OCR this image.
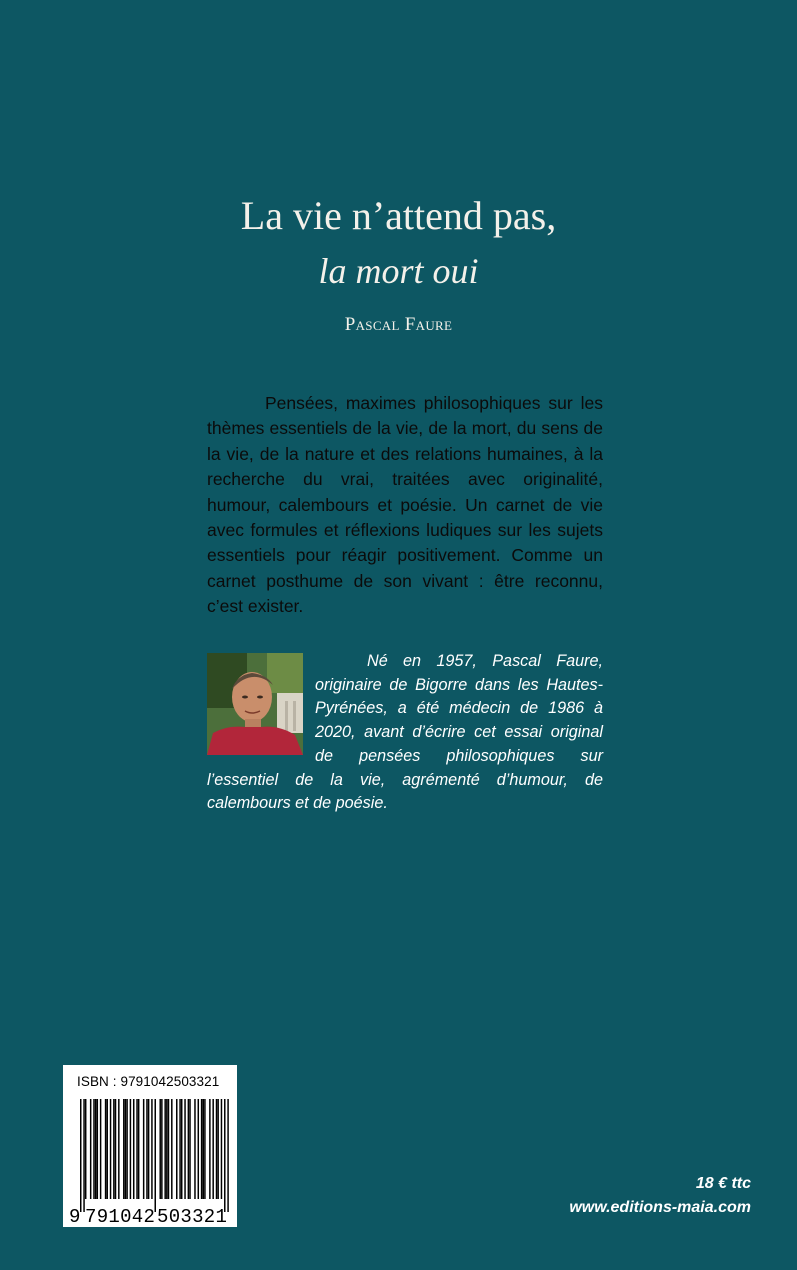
La vie n’attend pas,
la mort oui
Pascal Faure

Pensées, maximes philosophiques sur les thèmes essentiels de la vie, de la mort, du sens de la vie, de la nature et des relations humaines, à la recherche du vrai, traitées avec originalité, humour, calembours et poésie. Un carnet de vie avec formules et réflexions ludiques sur les sujets essentiels pour réagir positivement. Comme un carnet posthume de son vivant : être reconnu, c’est exister.

Né en 1957, Pascal Faure, originaire de Bigorre dans les Hautes-Pyrénées, a été médecin de 1986 à 2020, avant d’écrire cet essai original de pensées philosophiques sur l’essentiel de la vie, agrémenté d’humour, de calembours et de poésie.

ISBN : 9791042503321
9 7 9 1 0 4 2 5 0 3 3 2 1
18 € ttc
www.editions-maia.com
